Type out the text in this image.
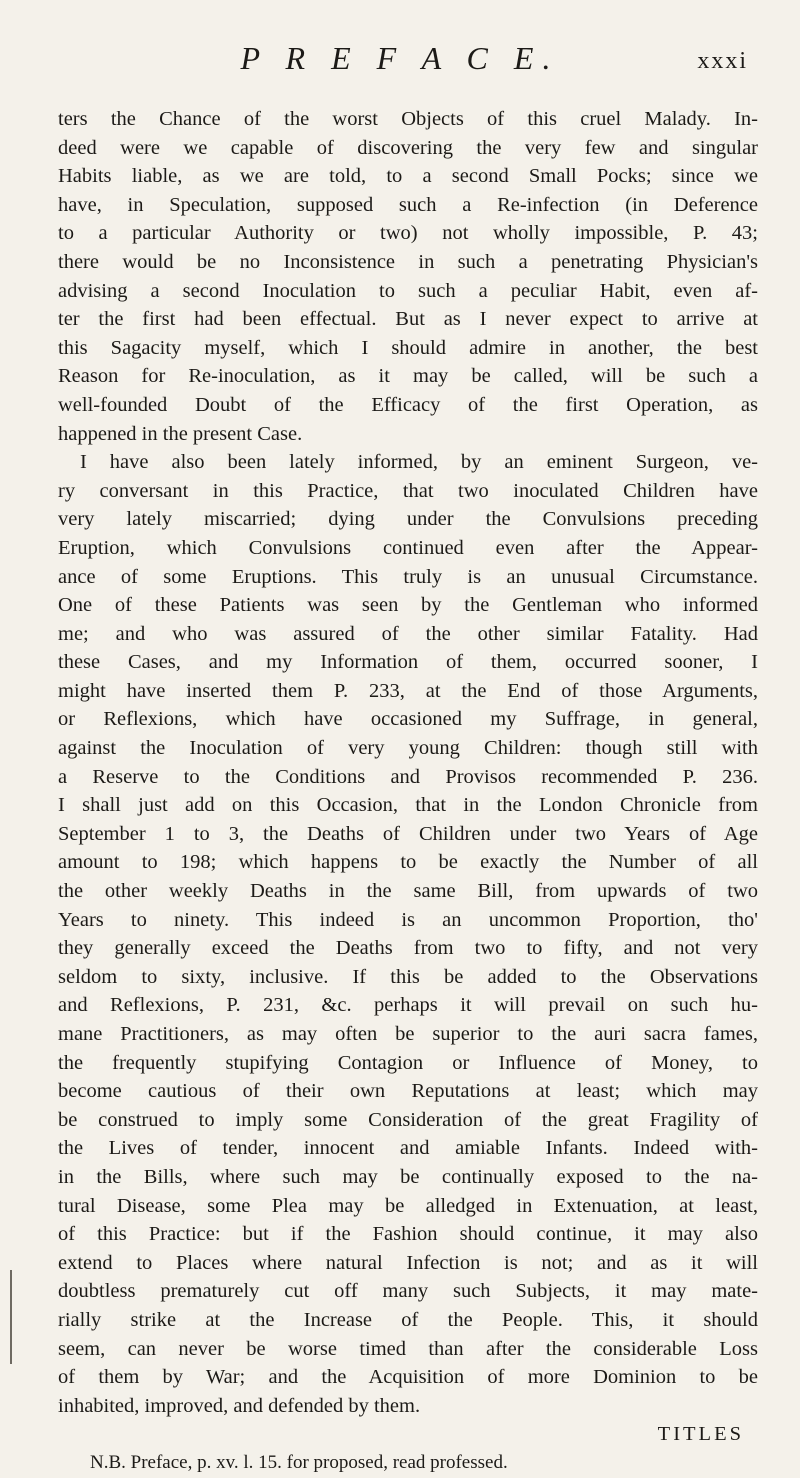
P R E F A C E.	xxxi
ters the Chance of the worst Objects of this cruel Malady. In-
deed were we capable of discovering the very few and singular
Habits liable, as we are told, to a second Small Pocks; since we
have, in Speculation, supposed such a Re-infection (in Deference
to a particular Authority or two) not wholly impossible, P. 43;
there would be no Inconsistence in such a penetrating Physician's
advising a second Inoculation to such a peculiar Habit, even af-
ter the first had been effectual. But as I never expect to arrive at
this Sagacity myself, which I should admire in another, the best
Reason for Re-inoculation, as it may be called, will be such a
well-founded Doubt of the Efficacy of the first Operation, as
happened in the present Case.
I have also been lately informed, by an eminent Surgeon, ve-
ry conversant in this Practice, that two inoculated Children have
very lately miscarried; dying under the Convulsions preceding
Eruption, which Convulsions continued even after the Appear-
ance of some Eruptions. This truly is an unusual Circumstance.
One of these Patients was seen by the Gentleman who informed
me; and who was assured of the other similar Fatality. Had
these Cases, and my Information of them, occurred sooner, I
might have inserted them P. 233, at the End of those Arguments,
or Reflexions, which have occasioned my Suffrage, in general,
against the Inoculation of very young Children: though still with
a Reserve to the Conditions and Provisos recommended P. 236.
I shall just add on this Occasion, that in the London Chronicle from
September 1 to 3, the Deaths of Children under two Years of Age
amount to 198; which happens to be exactly the Number of all
the other weekly Deaths in the same Bill, from upwards of two
Years to ninety. This indeed is an uncommon Proportion, tho'
they generally exceed the Deaths from two to fifty, and not very
seldom to sixty, inclusive. If this be added to the Observations
and Reflexions, P. 231, &c. perhaps it will prevail on such hu-
mane Practitioners, as may often be superior to the auri sacra fames,
the frequently stupifying Contagion or Influence of Money, to
become cautious of their own Reputations at least; which may
be construed to imply some Consideration of the great Fragility of
the Lives of tender, innocent and amiable Infants. Indeed with-
in the Bills, where such may be continually exposed to the na-
tural Disease, some Plea may be alledged in Extenuation, at least,
of this Practice: but if the Fashion should continue, it may also
extend to Places where natural Infection is not; and as it will
doubtless prematurely cut off many such Subjects, it may mate-
rially strike at the Increase of the People. This, it should
seem, can never be worse timed than after the considerable Loss
of them by War; and the Acquisition of more Dominion to be
inhabited, improved, and defended by them.
TITLES
N.B. Preface, p. xv. l. 15. for proposed, read professed.
